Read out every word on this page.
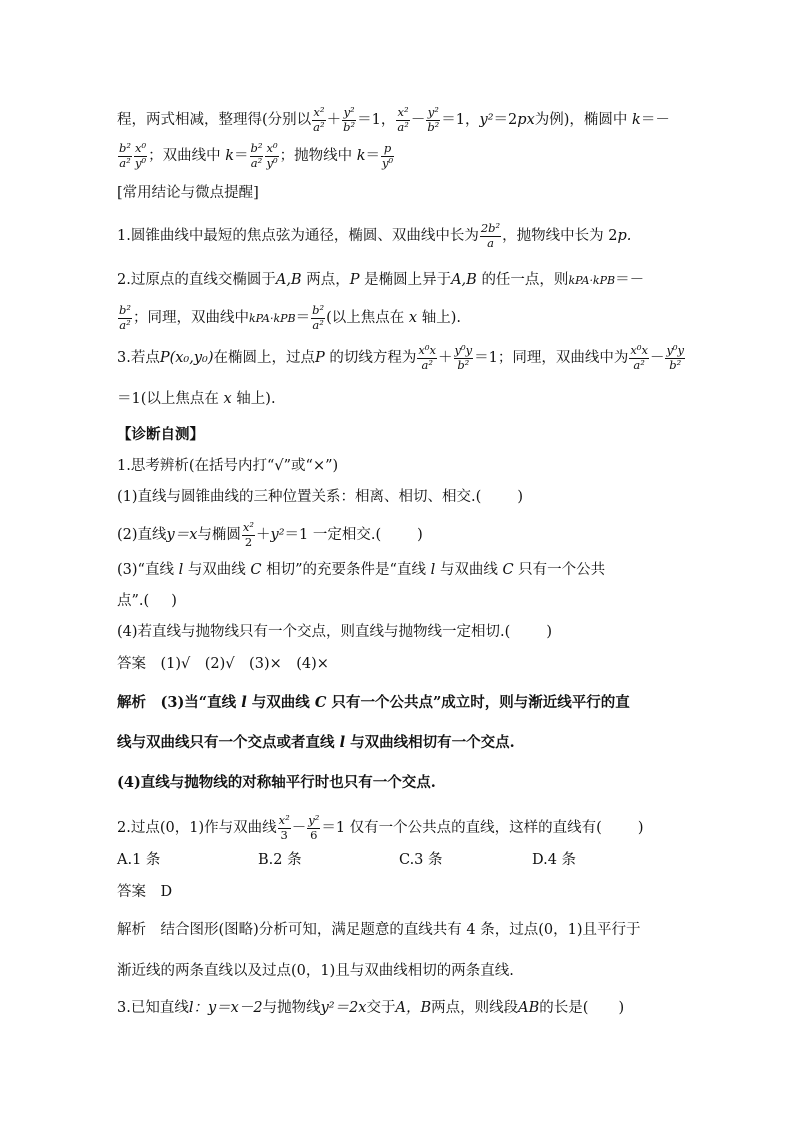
程，两式相减，整理得(分别以 $\frac{\text{x²}}{\text{a²}} + \frac{\text{y²}}{\text{b²}} =1$， $\frac{\text{x²}}{\text{a²}} - \frac{\text{y²}}{\text{b²}} =1$，y²＝2px为例)，椭圆中 k＝－
$\frac{\text{b²}}{\text{a²}} \frac{\text{x⁰}}{\text{y⁰}}$ ；双曲线中 $k= \frac{\text{b²}}{\text{a²}} \frac{\text{x⁰}}{\text{y⁰}}$ ；抛物线中 $k= \frac{p}{\text{y⁰}}$
[常用结论与微点提醒]
1.圆锥曲线中最短的焦点弦为通径，椭圆、双曲线中长为 $\frac{\text{2b²}}{a}$ ，抛物线中长为 2p.
2.过原点的直线交椭圆于A,B 两点，P 是椭圆上异于A,B 的任一点，则kPA·kPB＝－
$\frac{\text{b²}}{\text{a²}}$ ；同理，双曲线中$kPA\cdot kPB= \frac{\text{b²}}{\text{a²}}$ (以上焦点在 x 轴上).
3.若点P(x₀,y₀)在椭圆上，过点P 的切线方程为 $\frac{\text{x⁰x}}{\text{a²}} + \frac{\text{y⁰y}}{\text{b²}} =1$；同理，双曲线中为 $\frac{\text{x⁰x}}{\text{a²}} - \frac{\text{y⁰y}}{\text{b²}}$
＝1(以上焦点在 x 轴上).
【诊断自测】
1.思考辨析(在括号内打“√”或“×”)
(1)直线与圆锥曲线的三种位置关系：相离、相切、相交.( )
(2)直线y＝x与椭圆 $\frac{\text{x²}}{2} +y^2=1$ 一定相交.( )
(3)“直线 l 与双曲线 C 相切”的充要条件是“直线 l 与双曲线 C 只有一个公共
点”.( )
(4)若直线与抛物线只有一个交点，则直线与抛物线一定相切.( )
答案　 (1)√　(2)√　(3)×　(4)×
解析　 (3)当“直线 l 与双曲线 C 只有一个公共点”成立时，则与渐近线平行的直
线与双曲线只有一个交点或者直线 l 与双曲线相切有一个交点.
(4)直线与抛物线的对称轴平行时也只有一个交点.
2.过点(0，1)作与双曲线 $\frac{\text{x²}}{3} - \frac{\text{y²}}{6} =1$ 仅有一个公共点的直线，这样的直线有( )
A.1 条	B.2 条	C.3 条	D.4 条
答案　 D
解析　 结合图形(图略)分析可知，满足题意的直线共有 4 条，过点(0，1)且平行于
渐近线的两条直线以及过点(0，1)且与双曲线相切的两条直线.
3.已知直线l：y＝x－2与抛物线y²＝2x交于A，B两点，则线段AB的长是( )
